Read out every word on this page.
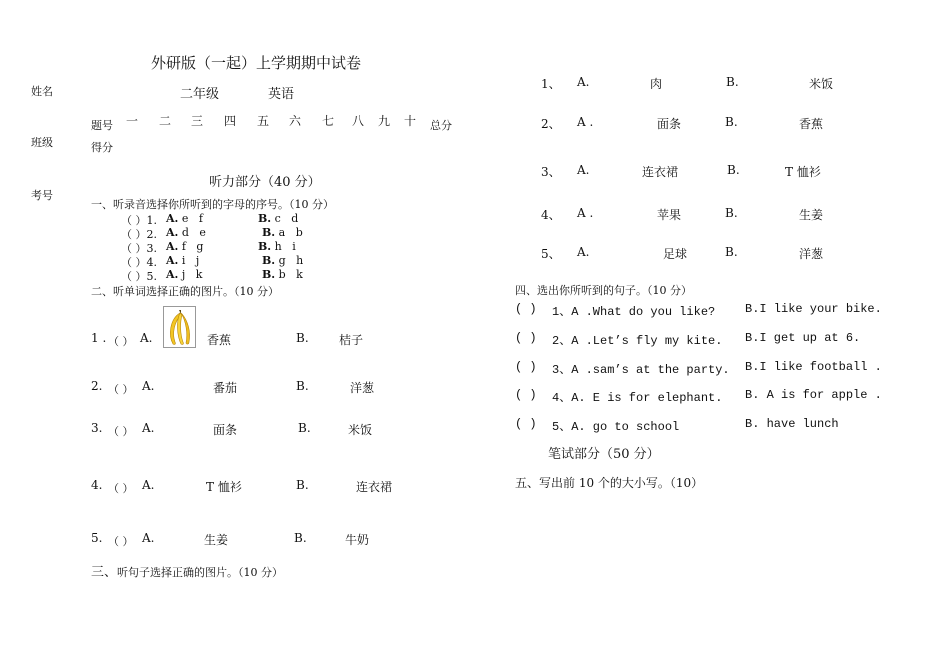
外研版（一起）上学期期中试卷
二年级	英语
姓名
班级
考号
题号 一 二 三 四 五 六 七 八 九 十 总分
得分
听力部分（40 分）
一、听录音选择你所听到的字母的序号。（10 分）
（ ）1. A. e   f	B. c   d
（ ）2. A. d   e	B. a   b
（ ）3. A. f   g	B. h   i
（ ）4. A. i   j	B. g   h
（ ）5. A. j   k	B. b   k
二、听单词选择正确的图片。（10 分）
1 . （ ） A.	香蕉	B.	桔子
2. （ ） A.	番茄	B.	洋葱
3. （ ） A.	面条	B.	米饭
4. （ ） A.	T 恤衫	B.	连衣裙
5. （ ） A.	生姜	B.	牛奶
三、听句子选择正确的图片。（10 分）
1、 A.	肉	B.	米饭
2、 A .	面条	B.	香蕉
3、 A.	连衣裙	B.	T 恤衫
4、 A .	苹果	B.	生姜
5、 A.	足球	B.	洋葱
四、选出你所听到的句子。（10 分）
( ) 1、A .What do you like? B.I like your bike.
( ) 2、A .Let’s fly my kite. B.I get up at 6.
( ) 3、A .sam’s at the party. B.I like football .
( ) 4、A. E is for elephant. B. A is for apple .
( ) 5、A. go to school	B. have lunch
笔试部分（50 分）
五、写出前 10 个的大小写。（10）
